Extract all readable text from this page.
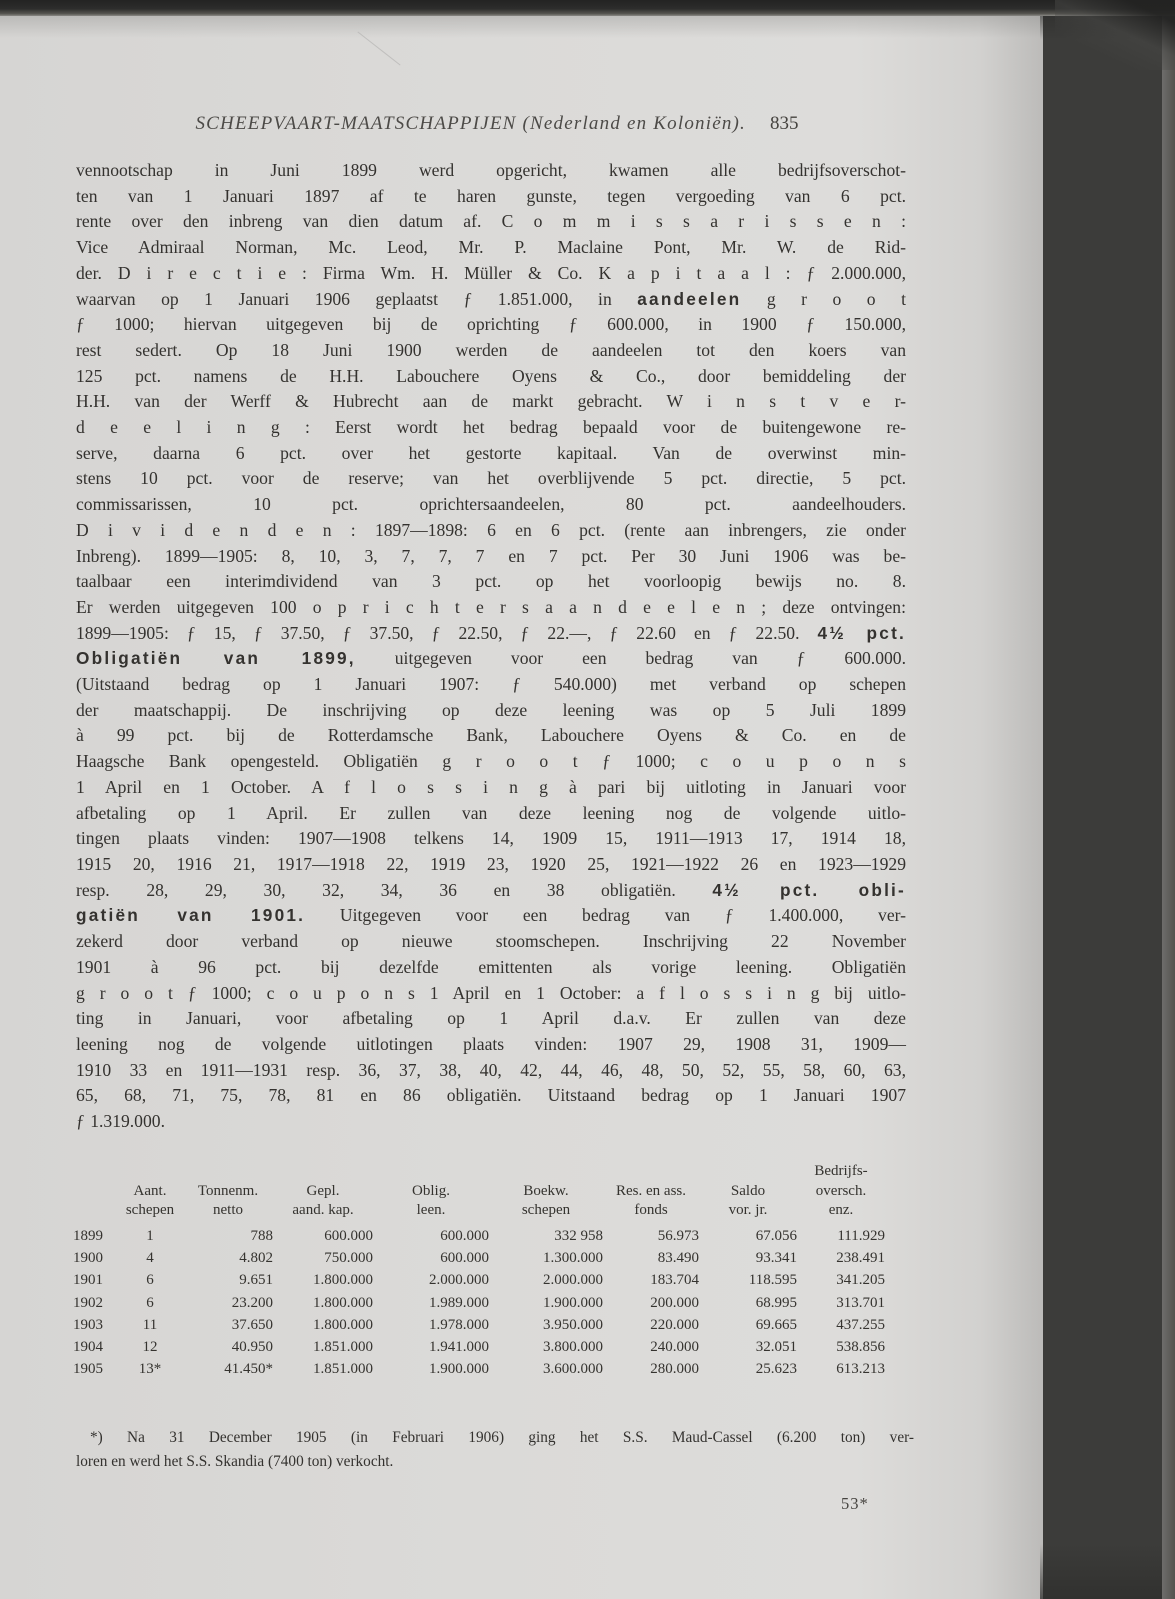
SCHEEPVAART-MAATSCHAPPIJEN (Nederland en Koloniën). 835
vennootschap in Juni 1899 werd opgericht, kwamen alle bedrijfsoverschot-
ten van 1 Januari 1897 af te haren gunste, tegen vergoeding van 6 pct.
rente over den inbreng van dien datum af. C o m m i s s a r i s s e n :
Vice Admiraal Norman, Mc. Leod, Mr. P. Maclaine Pont, Mr. W. de Rid-
der. D i r e c t i e : Firma Wm. H. Müller & Co. K a p i t a a l : ƒ 2.000.000,
waarvan op 1 Januari 1906 geplaatst ƒ 1.851.000, in aandeelen g r o o t
ƒ 1000; hiervan uitgegeven bij de oprichting ƒ 600.000, in 1900 ƒ 150.000,
rest sedert. Op 18 Juni 1900 werden de aandeelen tot den koers van
125 pct. namens de H.H. Labouchere Oyens & Co., door bemiddeling der
H.H. van der Werff & Hubrecht aan de markt gebracht. W i n s t v e r-
d e e l i n g : Eerst wordt het bedrag bepaald voor de buitengewone re-
serve, daarna 6 pct. over het gestorte kapitaal. Van de overwinst min-
stens 10 pct. voor de reserve; van het overblijvende 5 pct. directie, 5 pct.
commissarissen, 10 pct. oprichtersaandeelen, 80 pct. aandeelhouders.
D i v i d e n d e n : 1897—1898: 6 en 6 pct. (rente aan inbrengers, zie onder
Inbreng). 1899—1905: 8, 10, 3, 7, 7, 7 en 7 pct. Per 30 Juni 1906 was be-
taalbaar een interimdividend van 3 pct. op het voorloopig bewijs no. 8.
Er werden uitgegeven 100 o p r i c h t e r s a a n d e e l e n ; deze ontvingen:
1899—1905: ƒ 15, ƒ 37.50, ƒ 37.50, ƒ 22.50, ƒ 22.—, ƒ 22.60 en ƒ 22.50. 4½ pct.
Obligatiën van 1899, uitgegeven voor een bedrag van ƒ 600.000.
(Uitstaand bedrag op 1 Januari 1907: ƒ 540.000) met verband op schepen
der maatschappij. De inschrijving op deze leening was op 5 Juli 1899
à 99 pct. bij de Rotterdamsche Bank, Labouchere Oyens & Co. en de
Haagsche Bank opengesteld. Obligatiën g r o o t ƒ 1000; c o u p o n s
1 April en 1 October. A f l o s s i n g à pari bij uitloting in Januari voor
afbetaling op 1 April. Er zullen van deze leening nog de volgende uitlo-
tingen plaats vinden: 1907—1908 telkens 14, 1909 15, 1911—1913 17, 1914 18,
1915 20, 1916 21, 1917—1918 22, 1919 23, 1920 25, 1921—1922 26 en 1923—1929
resp. 28, 29, 30, 32, 34, 36 en 38 obligatiën. 4½ pct. obli-
gatiën van 1901. Uitgegeven voor een bedrag van ƒ 1.400.000, ver-
zekerd door verband op nieuwe stoomschepen. Inschrijving 22 November
1901 à 96 pct. bij dezelfde emittenten als vorige leening. Obligatiën
g r o o t ƒ 1000; c o u p o n s 1 April en 1 October: a f l o s s i n g bij uitlo-
ting in Januari, voor afbetaling op 1 April d.a.v. Er zullen van deze
leening nog de volgende uitlotingen plaats vinden: 1907 29, 1908 31, 1909—
1910 33 en 1911—1931 resp. 36, 37, 38, 40, 42, 44, 46, 48, 50, 52, 55, 58, 60, 63,
65, 68, 71, 75, 78, 81 en 86 obligatiën. Uitstaand bedrag op 1 Januari 1907
ƒ 1.319.000.

Aant.
schepen

Tonnenm.
netto

Gepl.
aand. kap.

Oblig.
leen.

Boekw.
schepen

Res. en ass.
fonds

Saldo
vor. jr.

Bedrijfs-
oversch.
enz.

1899	1	788	600.000	600.000	332 958	56.973	67.056	111.929
1900	4	4.802	750.000	600.000	1.300.000	83.490	93.341	238.491
1901	6	9.651	1.800.000	2.000.000	2.000.000	183.704	118.595	341.205
1902	6	23.200	1.800.000	1.989.000	1.900.000	200.000	68.995	313.701
1903	11	37.650	1.800.000	1.978.000	3.950.000	220.000	69.665	437.255
1904	12	40.950	1.851.000	1.941.000	3.800.000	240.000	32.051	538.856
1905	13*	41.450*	1.851.000	1.900.000	3.600.000	280.000	25.623	613.213
*) Na 31 December 1905 (in Februari 1906) ging het S.S. Maud-Cassel (6.200 ton) ver-
loren en werd het S.S. Skandia (7400 ton) verkocht.
53*
